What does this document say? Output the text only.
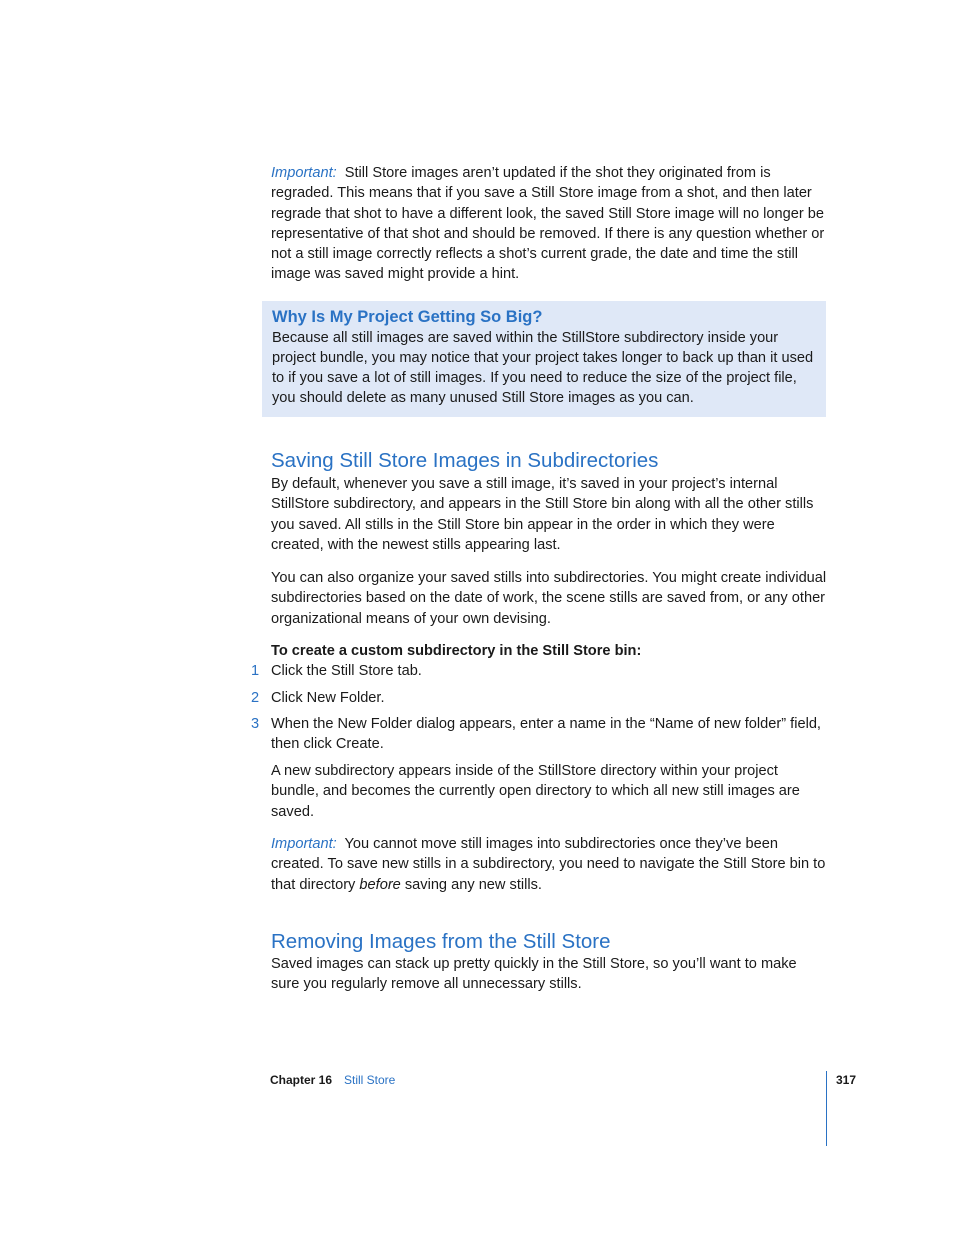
Important: Still Store images aren’t updated if the shot they originated from is regraded. This means that if you save a Still Store image from a shot, and then later regrade that shot to have a different look, the saved Still Store image will no longer be representative of that shot and should be removed. If there is any question whether or not a still image correctly reflects a shot’s current grade, the date and time the still image was saved might provide a hint.

Why Is My Project Getting So Big?

Because all still images are saved within the StillStore subdirectory inside your project bundle, you may notice that your project takes longer to back up than it used to if you save a lot of still images. If you need to reduce the size of the project file, you should delete as many unused Still Store images as you can.

Saving Still Store Images in Subdirectories

By default, whenever you save a still image, it’s saved in your project’s internal StillStore subdirectory, and appears in the Still Store bin along with all the other stills you saved. All stills in the Still Store bin appear in the order in which they were created, with the newest stills appearing last.

You can also organize your saved stills into subdirectories. You might create individual subdirectories based on the date of work, the scene stills are saved from, or any other organizational means of your own devising.

To create a custom subdirectory in the Still Store bin:

1 Click the Still Store tab.

2 Click New Folder.

3 When the New Folder dialog appears, enter a name in the “Name of new folder” field, then click Create.

A new subdirectory appears inside of the StillStore directory within your project bundle, and becomes the currently open directory to which all new still images are saved.

Important: You cannot move still images into subdirectories once they’ve been created. To save new stills in a subdirectory, you need to navigate the Still Store bin to that directory before saving any new stills.

Removing Images from the Still Store

Saved images can stack up pretty quickly in the Still Store, so you’ll want to make sure you regularly remove all unnecessary stills.

Chapter 16 Still Store	317
